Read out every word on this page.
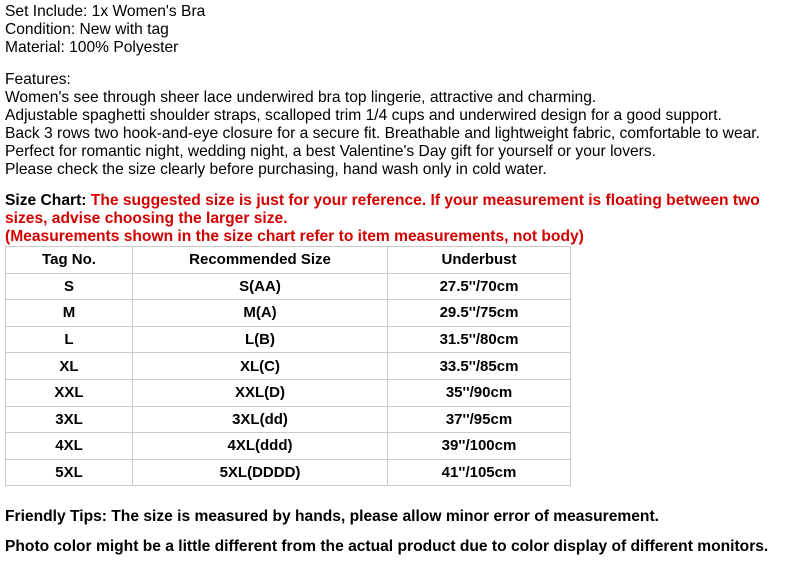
Set Include: 1x Women's Bra
Condition: New with tag
Material: 100% Polyester
Features:
Women's see through sheer lace underwired bra top lingerie, attractive and charming.
Adjustable spaghetti shoulder straps, scalloped trim 1/4 cups and underwired design for a good support.
Back 3 rows two hook-and-eye closure for a secure fit. Breathable and lightweight fabric, comfortable to wear.
Perfect for romantic night, wedding night, a best Valentine's Day gift for yourself or your lovers.
Please check the size clearly before purchasing, hand wash only in cold water.
Size Chart: The suggested size is just for your reference. If your measurement is floating between two sizes, advise choosing the larger size.
(Measurements shown in the size chart refer to item measurements, not body)
Tag No.	Recommended Size	Underbust
S	S(AA)	27.5''/70cm
M	M(A)	29.5''/75cm
L	L(B)	31.5''/80cm
XL	XL(C)	33.5''/85cm
XXL	XXL(D)	35''/90cm
3XL	3XL(dd)	37''/95cm
4XL	4XL(ddd)	39''/100cm
5XL	5XL(DDDD)	41''/105cm
Friendly Tips: The size is measured by hands, please allow minor error of measurement.
Photo color might be a little different from the actual product due to color display of different monitors.
